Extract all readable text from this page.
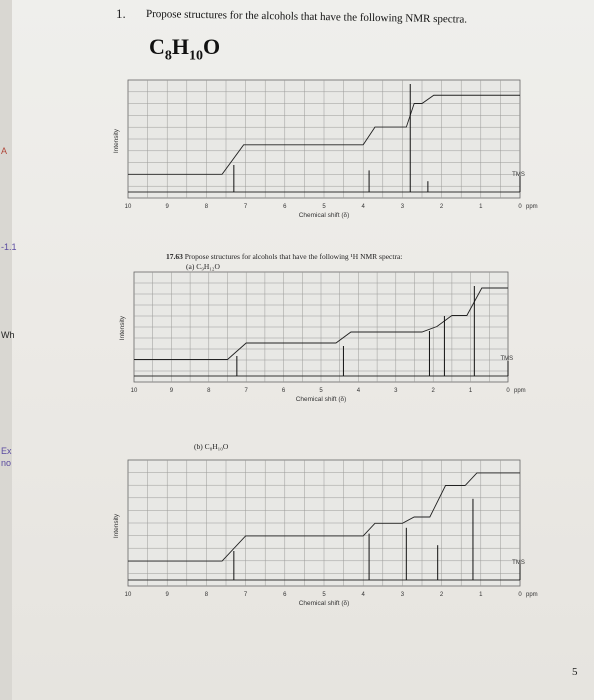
1. Propose structures for the alcohols that have the following NMR spectra.
$C_8H_{10}O$
TMS
10	9	8	7	6	5	4	3	2	1	0 ppm
Chemical shift (δ)
Intensity
17.63 Propose structures for alcohols that have the following ¹H NMR spectra:
(a) C₉H₁₂O
TMS
10	9	8	7	6	5	4	3	2	1	0 ppm
Chemical shift (δ)
Intensity
(b) C₈H₁₀O
TMS
10	9	8	7	6	5	4	3	2	1	0 ppm
Chemical shift (δ)
Intensity
5
A
-1.1
Wh
Ex
no
